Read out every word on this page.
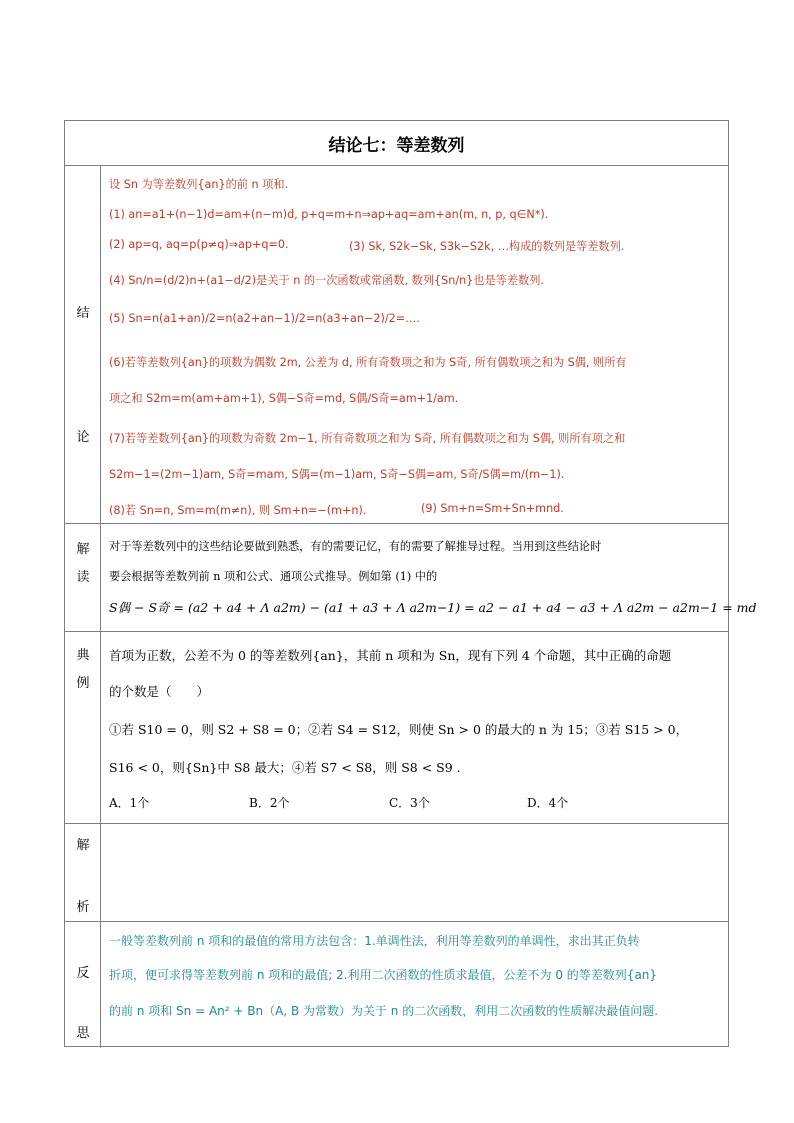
结论七：等差数列
结
论
设 Sn 为等差数列{an}的前 n 项和.
(1) an=a1+(n−1)d=am+(n−m)d, p+q=m+n⇒ap+aq=am+an(m, n, p, q∈N*).
(2) ap=q, aq=p(p≠q)⇒ap+q=0.	(3) Sk, S2k−Sk, S3k−S2k, …构成的数列是等差数列.
(4) Sn/n=(d/2)n+(a1−d/2)是关于 n 的一次函数或常函数, 数列{Sn/n}也是等差数列.
(5) Sn=n(a1+an)/2=n(a2+an−1)/2=n(a3+an−2)/2=….
(6)若等差数列{an}的项数为偶数 2m, 公差为 d, 所有奇数项之和为 S奇, 所有偶数项之和为 S偶, 则所有
项之和 S2m=m(am+am+1), S偶−S奇=md, S偶/S奇=am+1/am.
(7)若等差数列{an}的项数为奇数 2m−1, 所有奇数项之和为 S奇, 所有偶数项之和为 S偶, 则所有项之和
S2m−1=(2m−1)am, S奇=mam, S偶=(m−1)am, S奇−S偶=am, S奇/S偶=m/(m−1).
(8)若 Sn=n, Sm=m(m≠n), 则 Sm+n=−(m+n).	(9) Sm+n=Sm+Sn+mnd.
解
读
对于等差数列中的这些结论要做到熟悉，有的需要记忆，有的需要了解推导过程。当用到这些结论时
要会根据等差数列前 n 项和公式、通项公式推导。例如第 (1) 中的
S偶 − S奇 = (a2 + a4 + Λ a2m) − (a1 + a3 + Λ a2m−1) = a2 − a1 + a4 − a3 + Λ a2m − a2m−1 = md
典
例
首项为正数，公差不为 0 的等差数列{an}，其前 n 项和为 Sn，现有下列 4 个命题，其中正确的命题
的个数是（　　）
①若 S10 = 0，则 S2 + S8 = 0；②若 S4 = S12，则使 Sn > 0 的最大的 n 为 15；③若 S15 > 0，
S16 < 0，则{Sn}中 S8 最大；④若 S7 < S8，则 S8 < S9 .
A．1个	B．2个	C．3个	D．4个
解
析
反
思
一般等差数列前 n 项和的最值的常用方法包含：1.单调性法，利用等差数列的单调性，求出其正负转
折项，便可求得等差数列前 n 项和的最值; 2.利用二次函数的性质求最值，公差不为 0 的等差数列{an}
的前 n 项和 Sn = An² + Bn（A, B 为常数）为关于 n 的二次函数，利用二次函数的性质解决最值问题.
